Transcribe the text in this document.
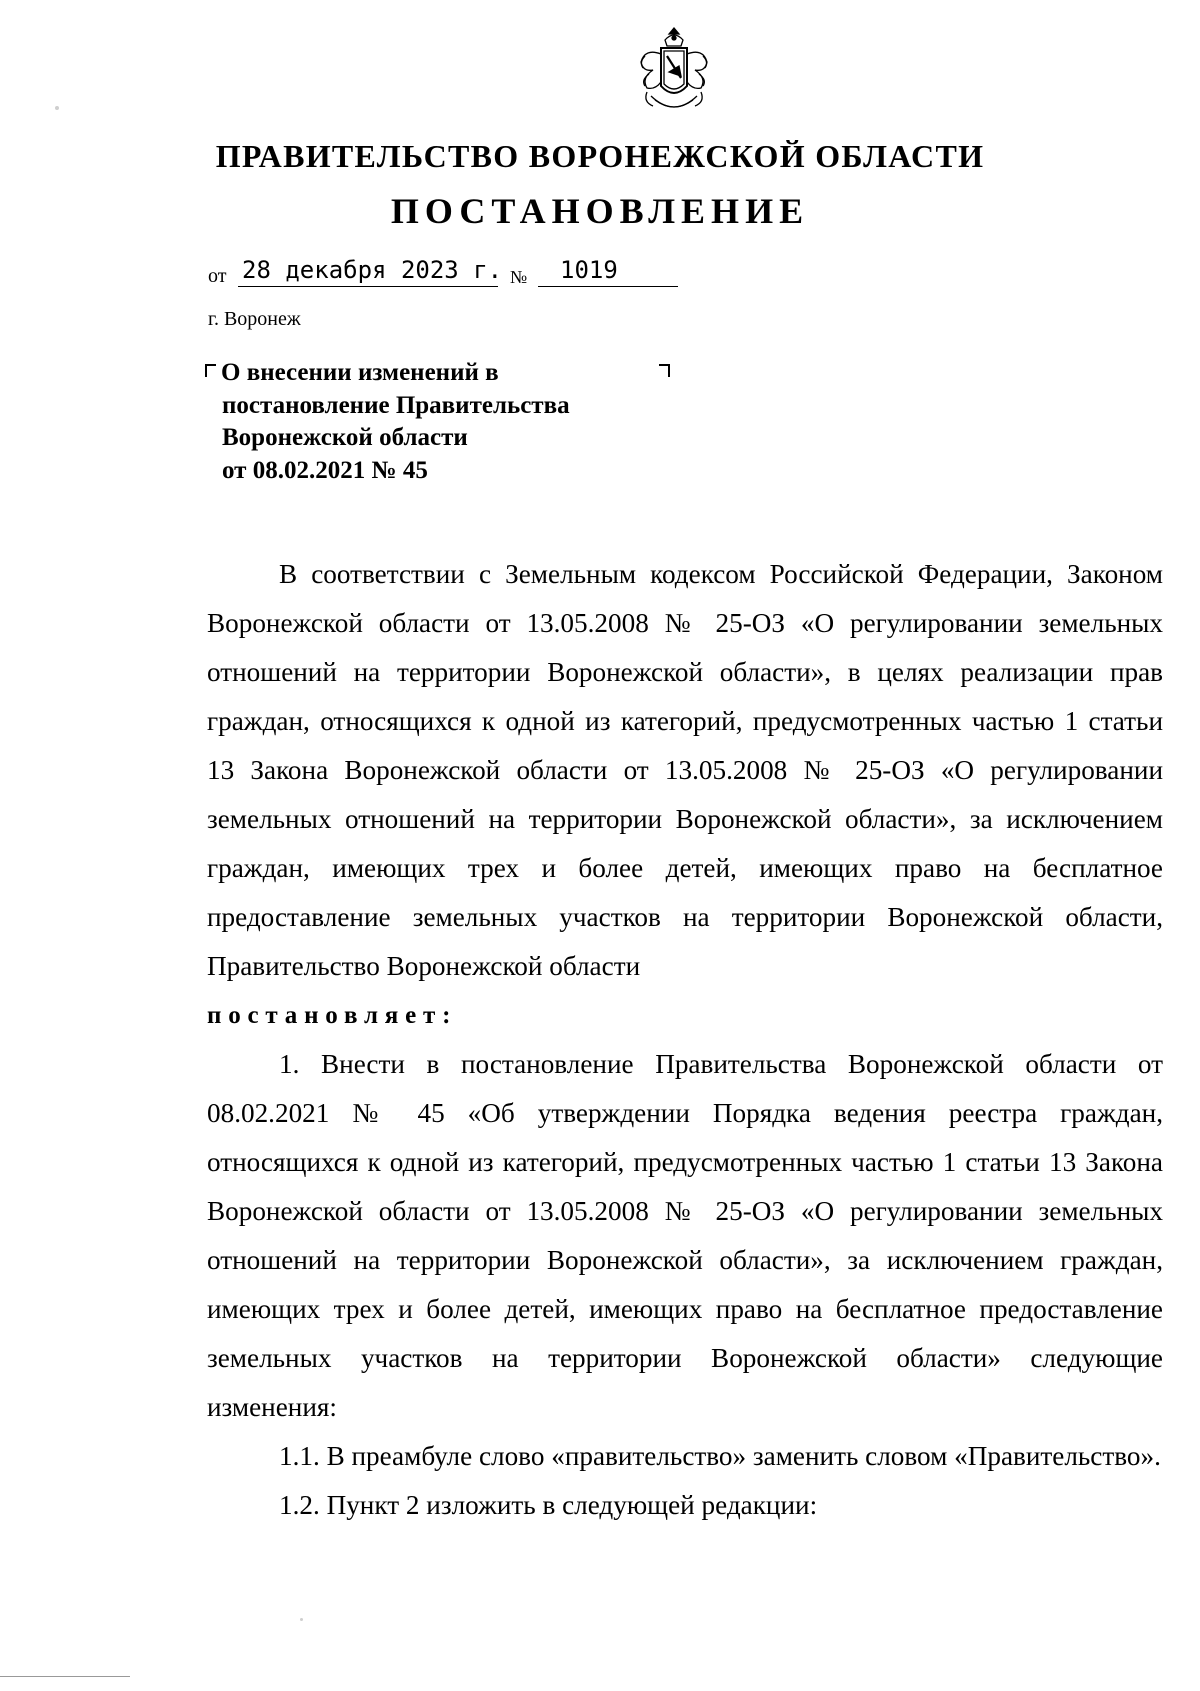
ПРАВИТЕЛЬСТВО ВОРОНЕЖСКОЙ ОБЛАСТИ
ПОСТАНОВЛЕНИЕ
от 28 декабря 2023 г. № 1019
г. Воронеж
О внесении изменений в
постановление Правительства
Воронежской области
от 08.02.2021 № 45

В соответствии с Земельным кодексом Российской Федерации, Законом Воронежской области от 13.05.2008 № 25-ОЗ «О регулировании земельных отношений на территории Воронежской области», в целях реализации прав граждан, относящихся к одной из категорий, предусмотренных частью 1 статьи 13 Закона Воронежской области от 13.05.2008 № 25-ОЗ «О регулировании земельных отношений на территории Воронежской области», за исключением граждан, имеющих трех и более детей, имеющих право на бесплатное предоставление земельных участков на территории Воронежской области, Правительство Воронежской области

постановляет:

1. Внести в постановление Правительства Воронежской области от 08.02.2021 № 45 «Об утверждении Порядка ведения реестра граждан, относящихся к одной из категорий, предусмотренных частью 1 статьи 13 Закона Воронежской области от 13.05.2008 № 25-ОЗ «О регулировании земельных отношений на территории Воронежской области», за исключением граждан, имеющих трех и более детей, имеющих право на бесплатное предоставление земельных участков на территории Воронежской области» следующие изменения:

1.1. В преамбуле слово «правительство» заменить словом «Правительство».

1.2. Пункт 2 изложить в следующей редакции:
